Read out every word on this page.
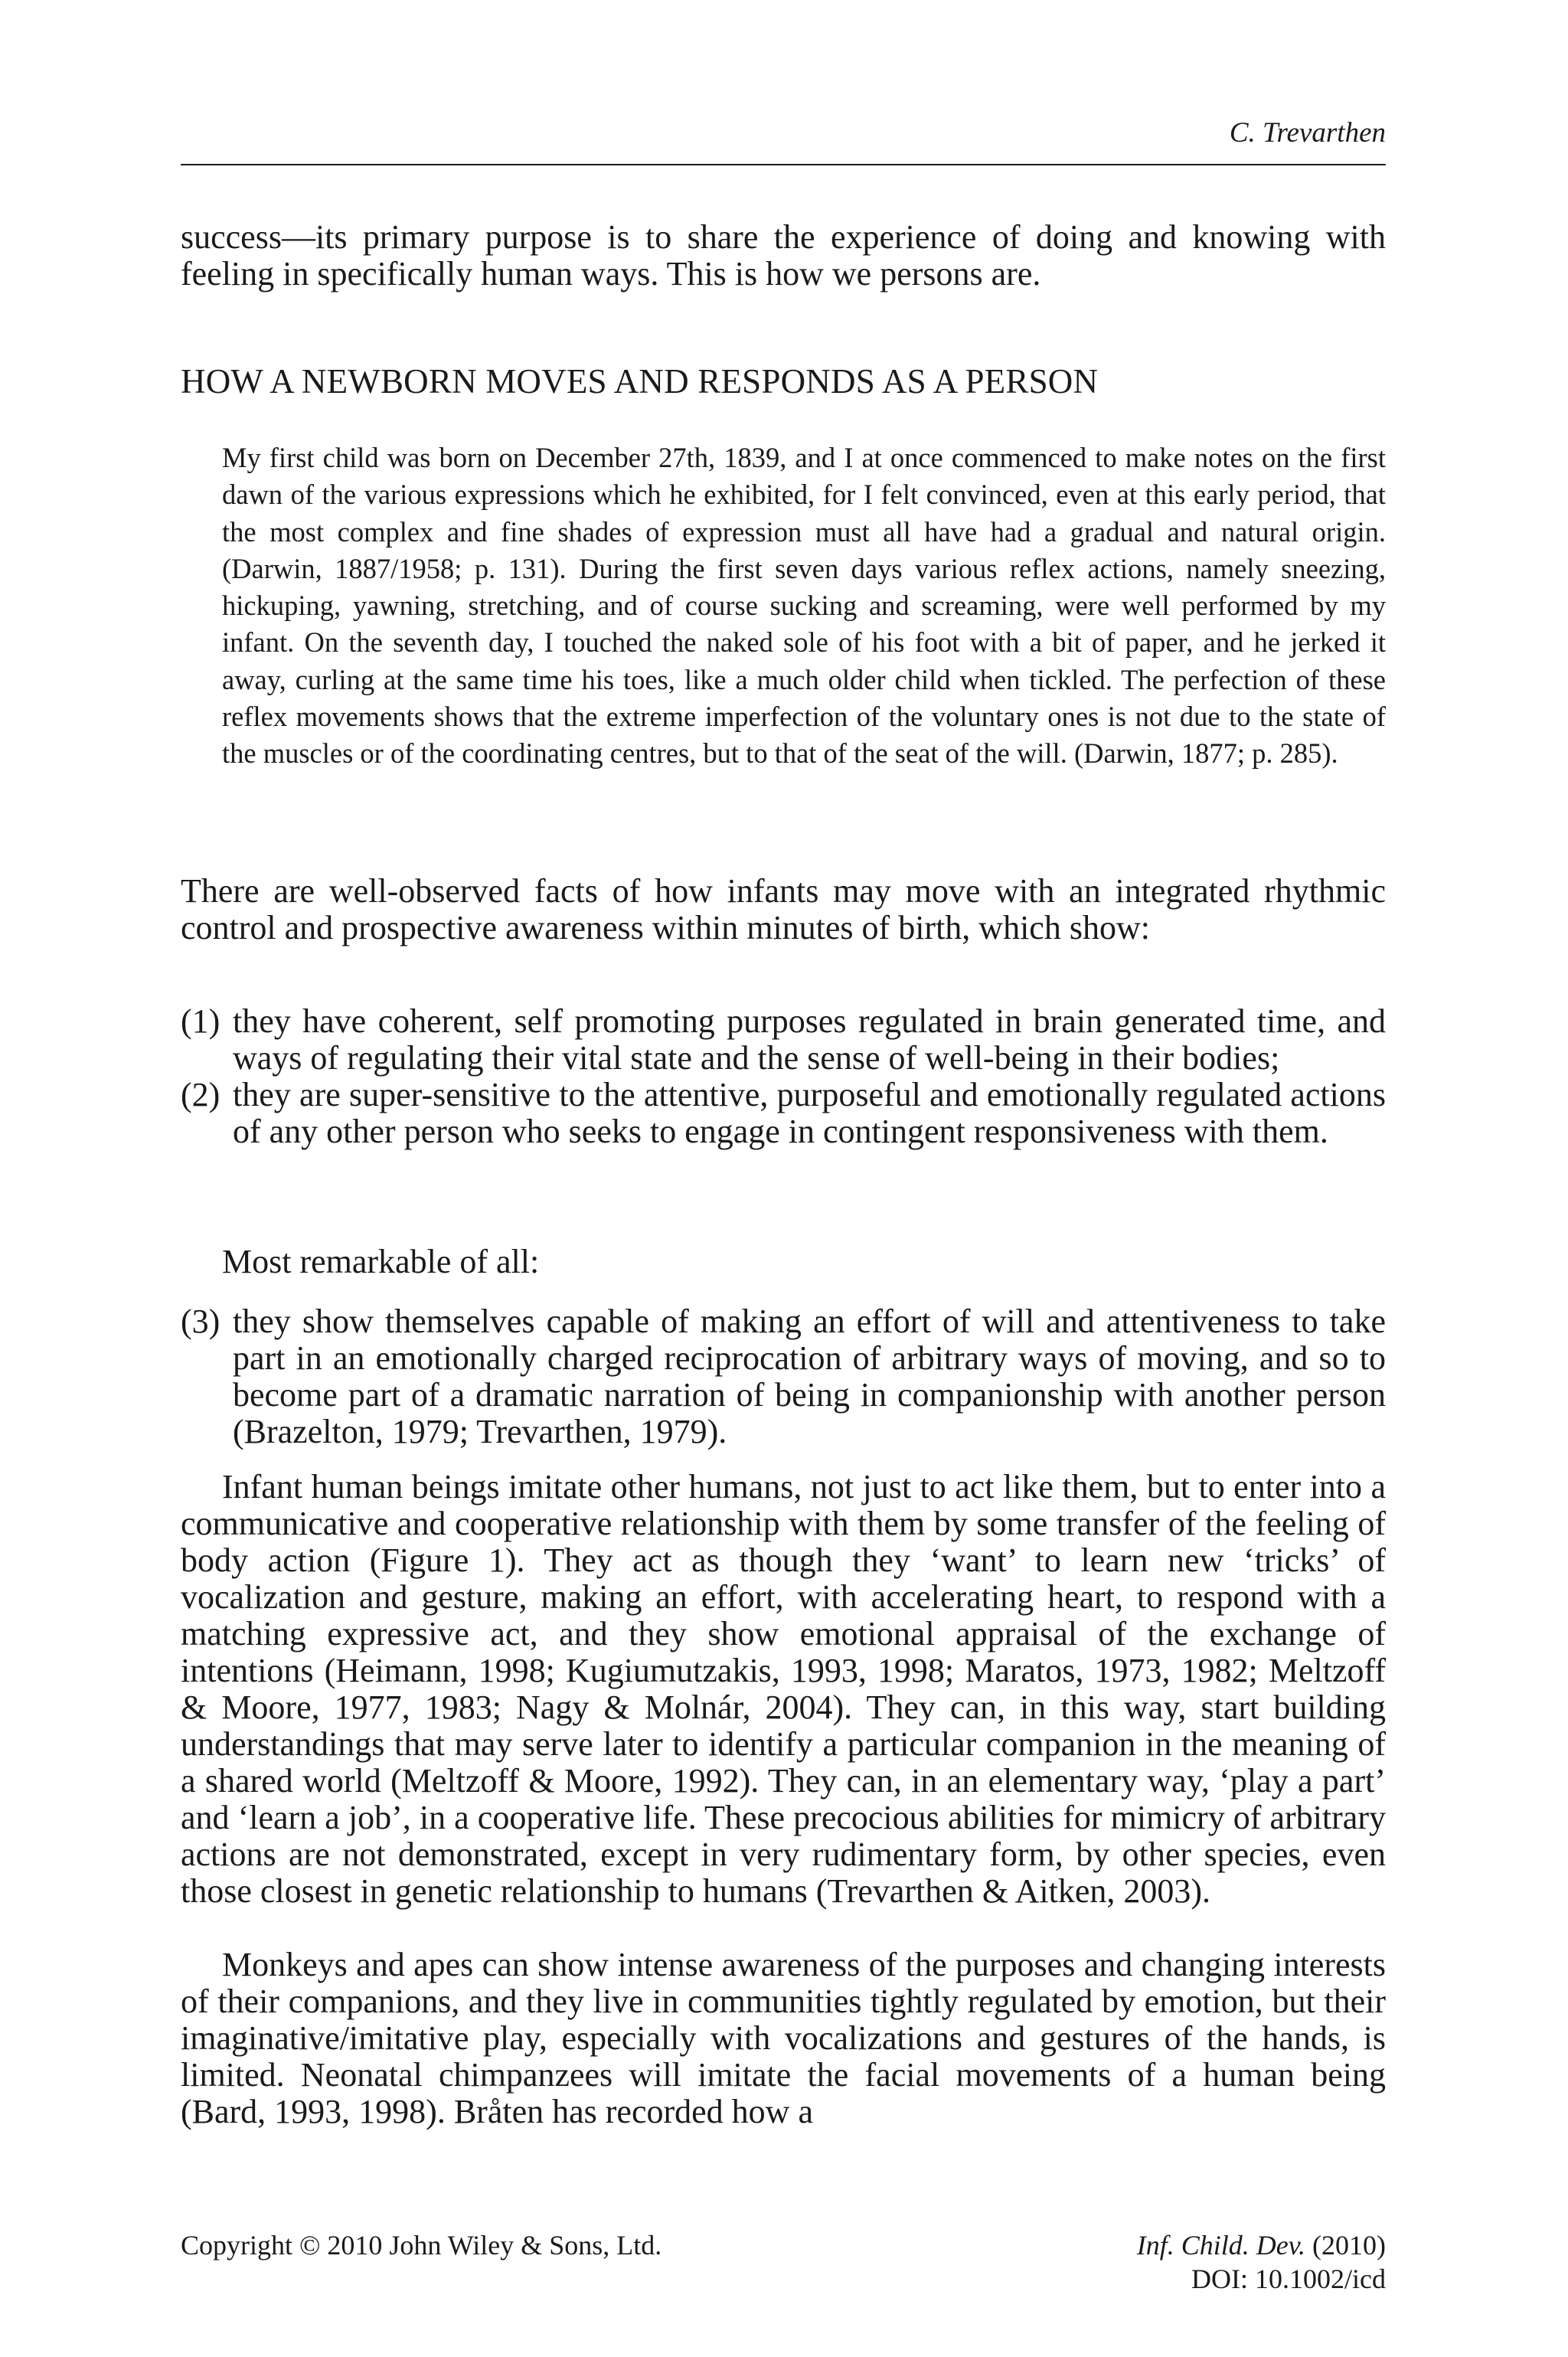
C. Trevarthen

success—its primary purpose is to share the experience of doing and knowing with feeling in specifically human ways. This is how we persons are.

HOW A NEWBORN MOVES AND RESPONDS AS A PERSON

My first child was born on December 27th, 1839, and I at once commenced to make notes on the first dawn of the various expressions which he exhibited, for I felt convinced, even at this early period, that the most complex and fine shades of expression must all have had a gradual and natural origin. (Darwin, 1887/1958; p. 131). During the first seven days various reflex actions, namely sneezing, hickuping, yawning, stretching, and of course sucking and screaming, were well performed by my infant. On the seventh day, I touched the naked sole of his foot with a bit of paper, and he jerked it away, curling at the same time his toes, like a much older child when tickled. The perfection of these reflex movements shows that the extreme imperfection of the voluntary ones is not due to the state of the muscles or of the coordinating centres, but to that of the seat of the will. (Darwin, 1877; p. 285).

There are well-observed facts of how infants may move with an integrated rhythmic control and prospective awareness within minutes of birth, which show:

(1) they have coherent, self promoting purposes regulated in brain generated time, and ways of regulating their vital state and the sense of well-being in their bodies;
(2) they are super-sensitive to the attentive, purposeful and emotionally regulated actions of any other person who seeks to engage in contingent responsiveness with them.

Most remarkable of all:

(3) they show themselves capable of making an effort of will and attentiveness to take part in an emotionally charged reciprocation of arbitrary ways of moving, and so to become part of a dramatic narration of being in companionship with another person (Brazelton, 1979; Trevarthen, 1979).

Infant human beings imitate other humans, not just to act like them, but to enter into a communicative and cooperative relationship with them by some transfer of the feeling of body action (Figure 1). They act as though they ‘want’ to learn new ‘tricks’ of vocalization and gesture, making an effort, with accelerating heart, to respond with a matching expressive act, and they show emotional appraisal of the exchange of intentions (Heimann, 1998; Kugiumutzakis, 1993, 1998; Maratos, 1973, 1982; Meltzoff & Moore, 1977, 1983; Nagy & Molnár, 2004). They can, in this way, start building understandings that may serve later to identify a particular companion in the meaning of a shared world (Meltzoff & Moore, 1992). They can, in an elementary way, ‘play a part’ and ‘learn a job’, in a cooperative life. These precocious abilities for mimicry of arbitrary actions are not demonstrated, except in very rudimentary form, by other species, even those closest in genetic relationship to humans (Trevarthen & Aitken, 2003).

Monkeys and apes can show intense awareness of the purposes and changing interests of their companions, and they live in communities tightly regulated by emotion, but their imaginative/imitative play, especially with vocalizations and gestures of the hands, is limited. Neonatal chimpanzees will imitate the facial movements of a human being (Bard, 1993, 1998). Bråten has recorded how a

Copyright © 2010 John Wiley & Sons, Ltd.	Inf. Child. Dev. (2010)
DOI: 10.1002/icd
